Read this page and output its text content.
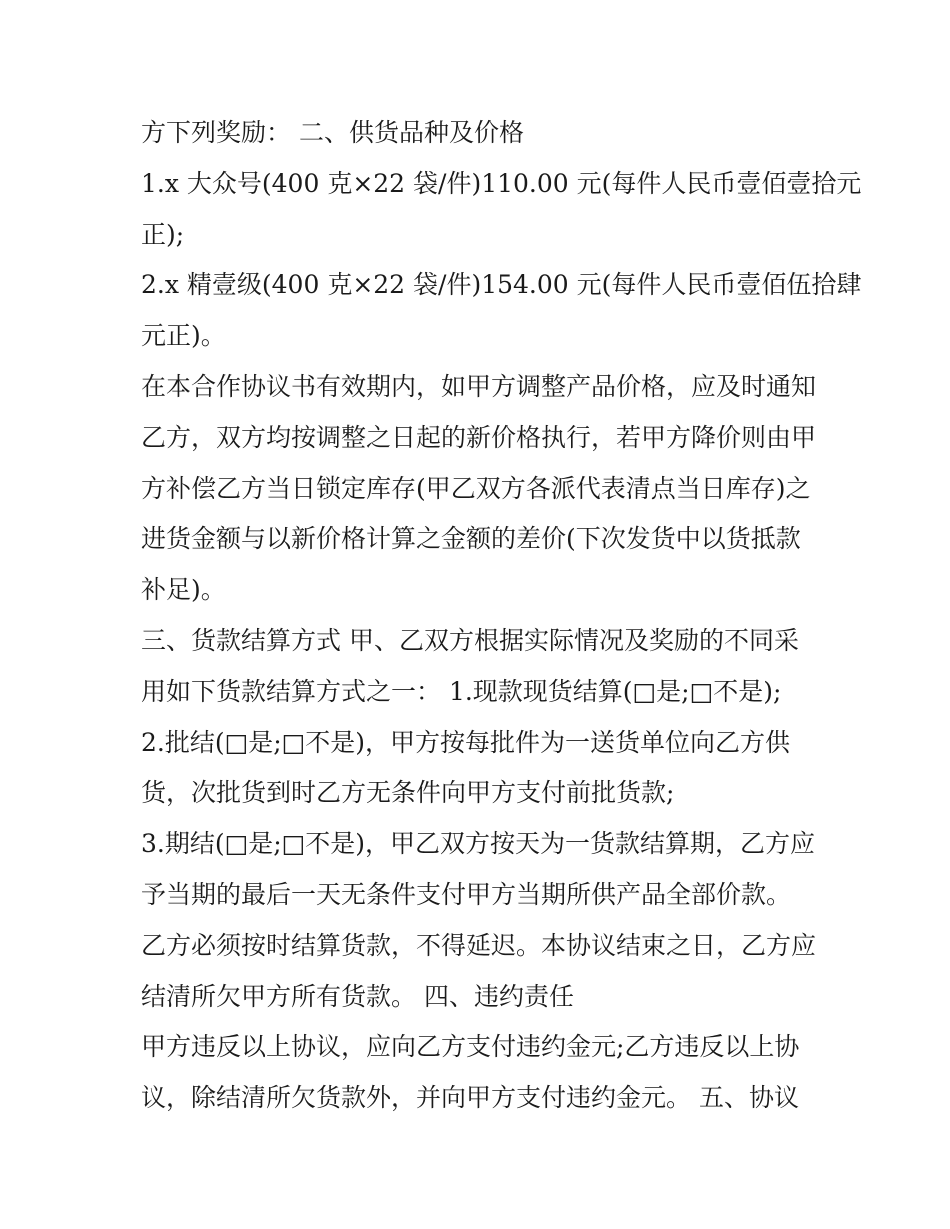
方下列奖励： 二、供货品种及价格
1.x 大众号(400 克×22 袋/件)110.00 元(每件人民币壹佰壹拾元
正);
2.x 精壹级(400 克×22 袋/件)154.00 元(每件人民币壹佰伍拾肆
元正)。
在本合作协议书有效期内，如甲方调整产品价格，应及时通知
乙方，双方均按调整之日起的新价格执行，若甲方降价则由甲
方补偿乙方当日锁定库存(甲乙双方各派代表清点当日库存)之
进货金额与以新价格计算之金额的差价(下次发货中以货抵款
补足)。
三、货款结算方式 甲、乙双方根据实际情况及奖励的不同采
用如下货款结算方式之一： 1.现款现货结算(□是;□不是);
2.批结(□是;□不是)，甲方按每批件为一送货单位向乙方供
货，次批货到时乙方无条件向甲方支付前批货款;
3.期结(□是;□不是)，甲乙双方按天为一货款结算期，乙方应
予当期的最后一天无条件支付甲方当期所供产品全部价款。
乙方必须按时结算货款，不得延迟。本协议结束之日，乙方应
结清所欠甲方所有货款。 四、违约责任
甲方违反以上协议，应向乙方支付违约金元;乙方违反以上协
议，除结清所欠货款外，并向甲方支付违约金元。 五、协议
